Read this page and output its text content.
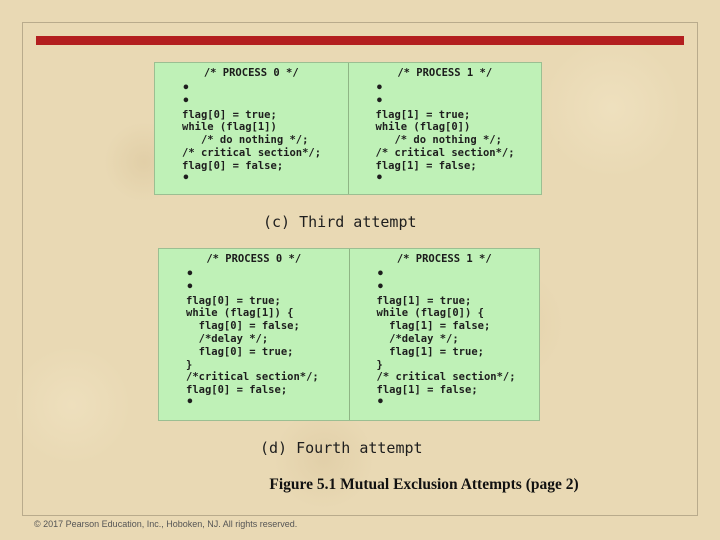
/* PROCESS 0 */
•
•
flag[0] = true;
while (flag[1])
/* do nothing */;
/* critical section*/;
flag[0] = false;
•
/* PROCESS 1 */
•
•
flag[1] = true;
while (flag[0])
/* do nothing */;
/* critical section*/;
flag[1] = false;
•
(c) Third attempt
/* PROCESS 0 */
•
•
flag[0] = true;
while (flag[1]) {
flag[0] = false;
/*delay */;
flag[0] = true;
}
/*critical section*/;
flag[0] = false;
•
/* PROCESS 1 */
•
•
flag[1] = true;
while (flag[0]) {
flag[1] = false;
/*delay */;
flag[1] = true;
}
/* critical section*/;
flag[1] = false;
•
(d) Fourth attempt
Figure 5.1 Mutual Exclusion Attempts (page 2)
© 2017 Pearson Education, Inc., Hoboken, NJ. All rights reserved.
